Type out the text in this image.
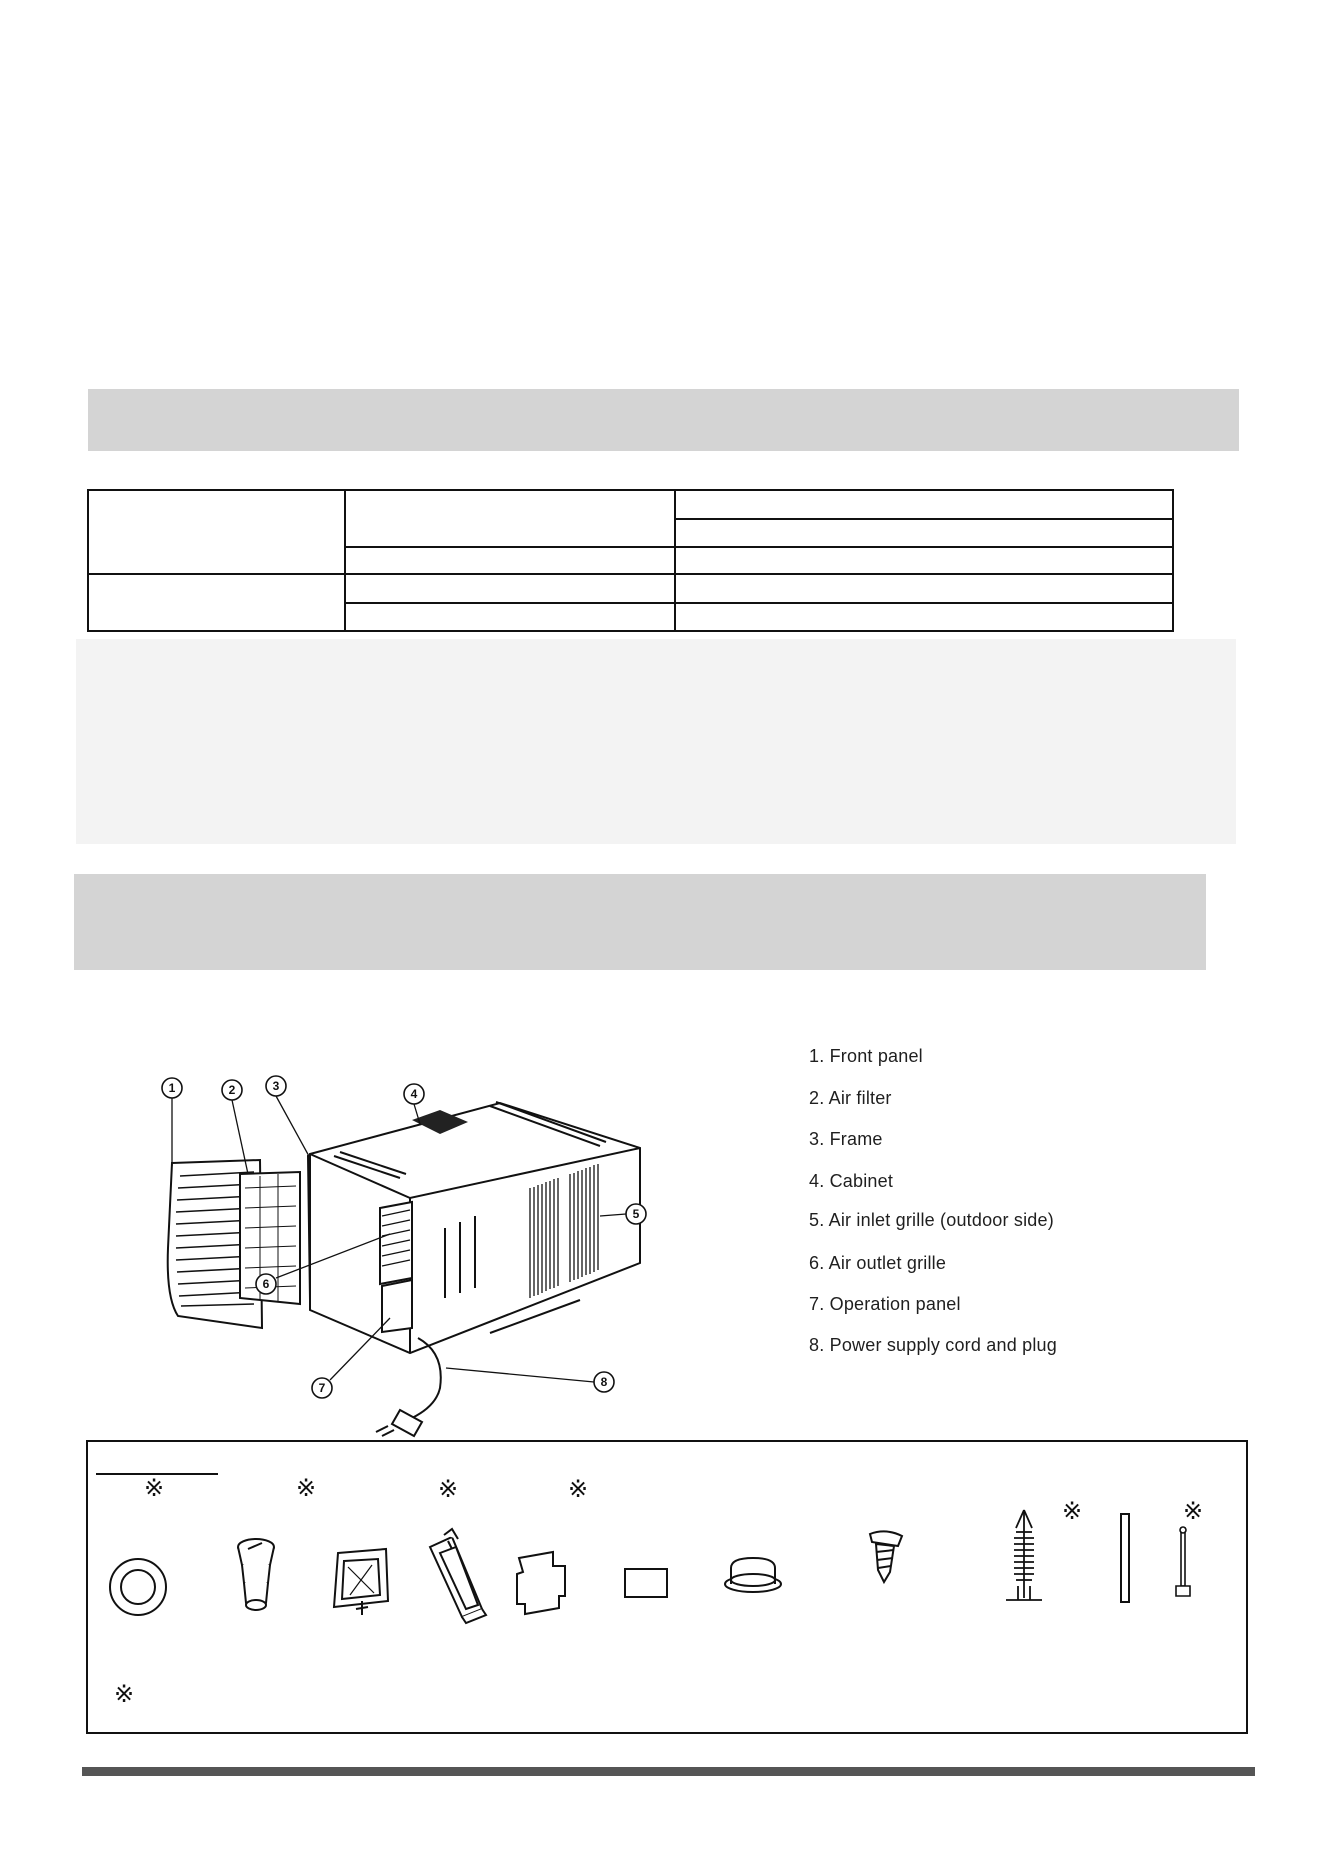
1	2	3
4
5
6
7	8
1. Front panel
2. Air filter
3. Frame
4. Cabinet
5. Air inlet grille (outdoor side)
6. Air outlet grille
7. Operation panel
8. Power supply cord and plug
※	※	※	※
※	※
※
